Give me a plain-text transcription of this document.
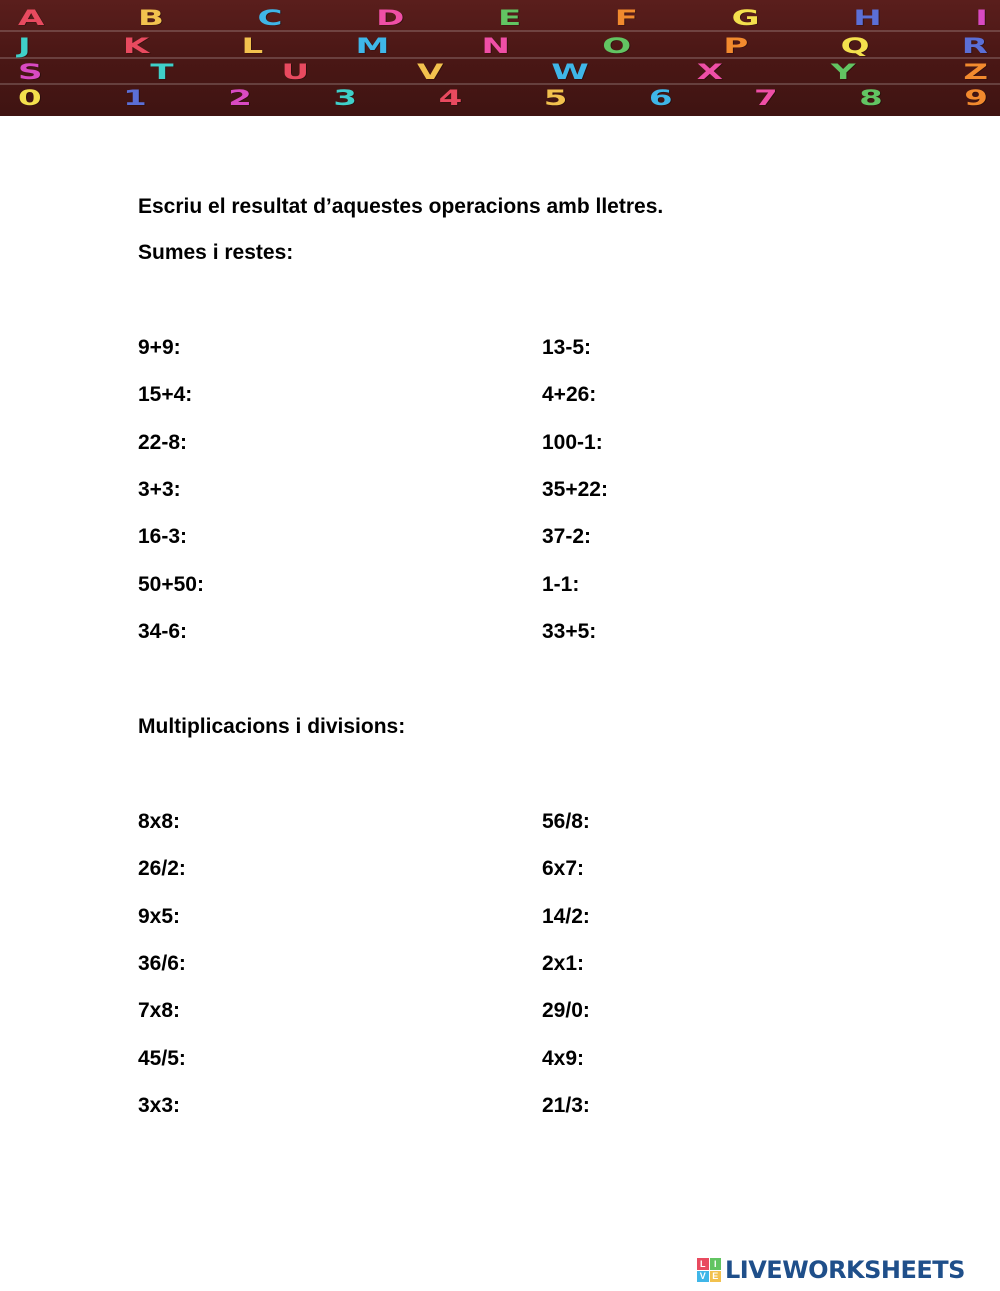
A	B	C	D	E	F	G	H	I
J	K	L	M	N	O	P	Q	R
S	T	U	V	W	X	Y	Z
0 1 2 3 4 5 6 7 8 9
Escriu el resultat d’aquestes operacions amb lletres.
Sumes i restes:
Multiplicacions i divisions:
9+9:
15+4:
22-8:
3+3:
16-3:
50+50:
34-6:
13-5:
4+26:
100-1:
35+22:
37-2:
1-1:
33+5:
8x8:
26/2:
9x5:
36/6:
7x8:
45/5:
3x3:
56/8:
6x7:
14/2:
2x1:
29/0:
4x9:
21/3:
L I
V E LIVEWORKSHEETS
